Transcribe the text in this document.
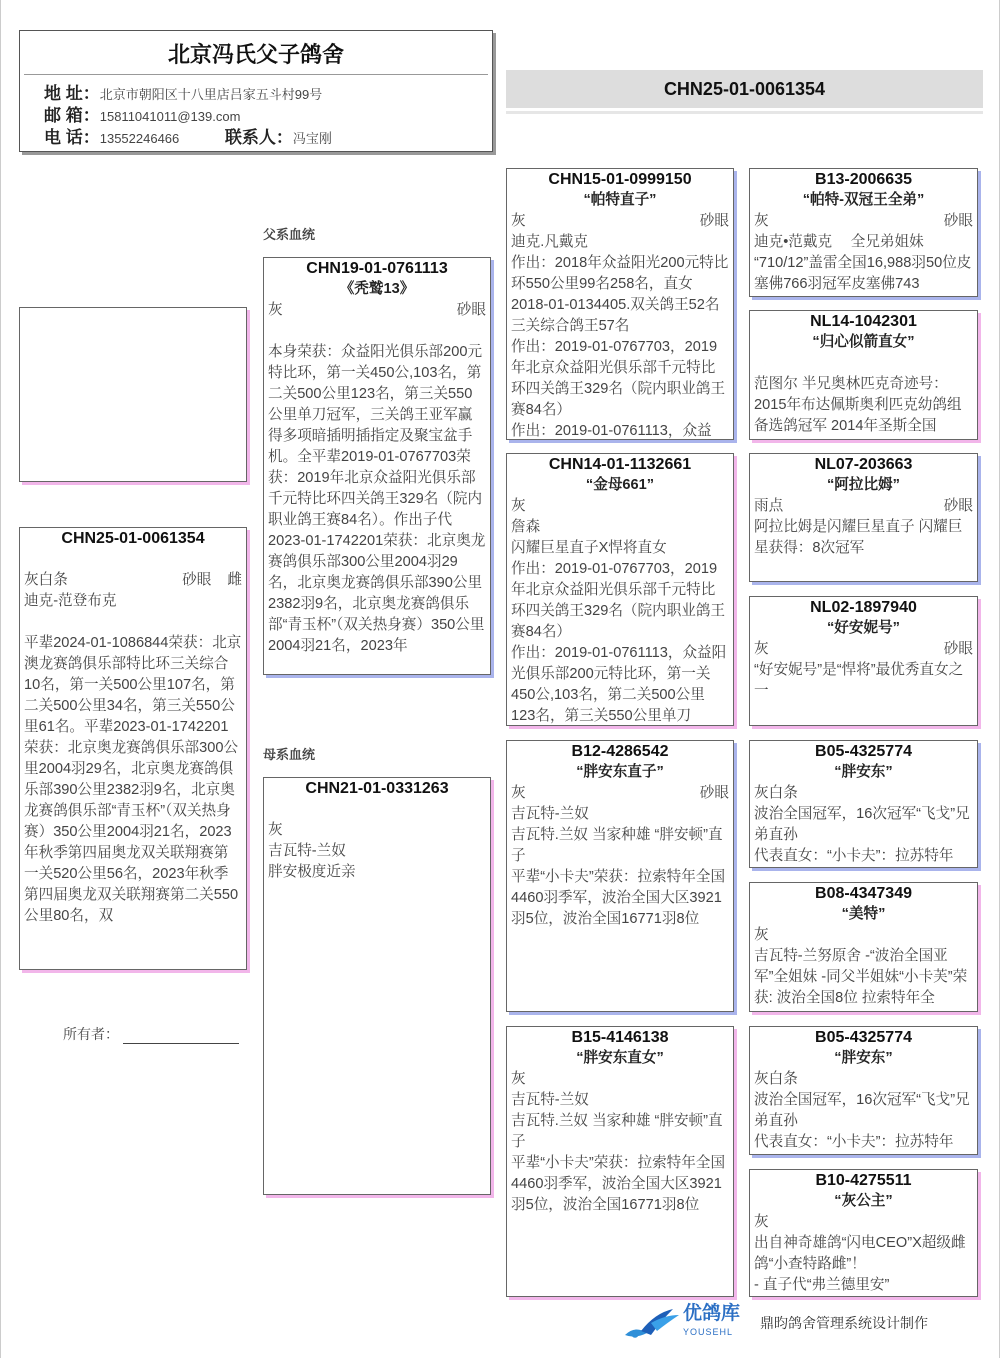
北京冯氏父子鸽舍
地 址：北京市朝阳区十八里店吕家五斗村99号
邮 箱：15811041011@139.com
电 话：13552246466	联系人：冯宝刚
CHN25-01-0061354
父系血统
母系血统
所有者：
优鸽库
YOUSEHL
鼎昀鸽舍管理系统设计制作
CHN25-01-0061354
灰白条	砂眼 雌
迪克-范登布克
平辈2024-01-1086844荣获：北京澳龙赛鸽俱乐部特比环三关综合10名，第一关500公里107名，第二关500公里34名，第三关550公里61名。平辈2023-01-1742201荣获：北京奥龙赛鸽俱乐部300公里2004羽29名，北京奥龙赛鸽俱乐部390公里2382羽9名，北京奥龙赛鸽俱乐部“青玉杯”（双关热身赛）350公里2004羽21名，2023年秋季第四届奥龙双关联翔赛第一关520公里56名，2023年秋季第四届奥龙双关联翔赛第二关550公里80名，双
CHN19-01-0761113
《秃鹫13》
灰	砂眼
本身荣获：众益阳光俱乐部200元特比环，第一关450公,103名，第二关500公里123名，第三关550公里单刀冠军，三关鸽王亚军赢得多项暗插明插指定及聚宝盆手机。全平辈2019-01-0767703荣获：2019年北京众益阳光俱乐部千元特比环四关鸽王329名（院内职业鸽王赛84名）。作出子代2023-01-1742201荣获：北京奥龙赛鸽俱乐部300公里2004羽29名，北京奥龙赛鸽俱乐部390公里2382羽9名，北京奥龙赛鸽俱乐部“青玉杯”（双关热身赛）350公里2004羽21名，2023年
CHN21-01-0331263
灰
吉瓦特-兰奴
胖安极度近亲
CHN15-01-0999150
“帕特直子”
灰	砂眼
迪克.凡戴克
作出：2018年众益阳光200元特比环550公里99名258名，直女2018-01-0134405.双关鸽王52名 三关综合鸽王57名
作出：2019-01-0767703，2019年北京众益阳光俱乐部千元特比环四关鸽王329名（院内职业鸽王赛84名）
作出：2019-01-0761113，众益
CHN14-01-1132661
“金母661”
灰
詹森
闪耀巨星直子X悍将直女
作出：2019-01-0767703，2019年北京众益阳光俱乐部千元特比环四关鸽王329名（院内职业鸽王赛84名）
作出：2019-01-0761113，众益阳光俱乐部200元特比环，第一关450公,103名，第二关500公里123名，第三关550公里单刀
B12-4286542
“胖安东直子”
灰	砂眼
吉瓦特-兰奴
吉瓦特.兰奴 当家种雄 “胖安顿”直子
平辈“小卡夫”荣获：拉索特年全国4460羽季军，波治全国大区3921羽5位，波治全国16771羽8位
B15-4146138
“胖安东直女”
灰
吉瓦特-兰奴
吉瓦特.兰奴 当家种雄 “胖安顿”直子
平辈“小卡夫”荣获：拉索特年全国4460羽季军，波治全国大区3921羽5位，波治全国16771羽8位
B13-2006635
“帕特-双冠王全弟”
灰	砂眼
迪克•范戴克　 全兄弟姐妹
“710/12”盖雷全国16,988羽50位皮塞佛766羽冠军皮塞佛743
NL14-1042301
“归心似箭直女”
范图尔 半兄奥林匹克奇迹号：2015年布达佩斯奥利匹克幼鸽组备选鸽冠军 2014年圣斯全国
NL07-203663
“阿拉比姆”
雨点	砂眼
阿拉比姆是闪耀巨星直子 闪耀巨星获得：8次冠军
NL02-1897940
“好安妮号”
灰	砂眼
“好安妮号”是“悍将”最优秀直女之一
B05-4325774
“胖安东”
灰白条
波治全国冠军，16次冠军“飞戈”兄弟直孙
代表直女：“小卡夫”：拉苏特年
B08-4347349
“美特”
灰
吉瓦特-兰努原舍 -“波治全国亚军”全姐妹 -同父半姐妹“小卡芙”荣获: 波治全国8位 拉索特年全
B05-4325774
“胖安东”
灰白条
波治全国冠军，16次冠军“飞戈”兄弟直孙
代表直女：“小卡夫”：拉苏特年
B10-4275511
“灰公主”
灰
出自神奇雄鸽“闪电CEO”X超级雌鸽“小查特路雌”！
- 直子代“弗兰德里安”
